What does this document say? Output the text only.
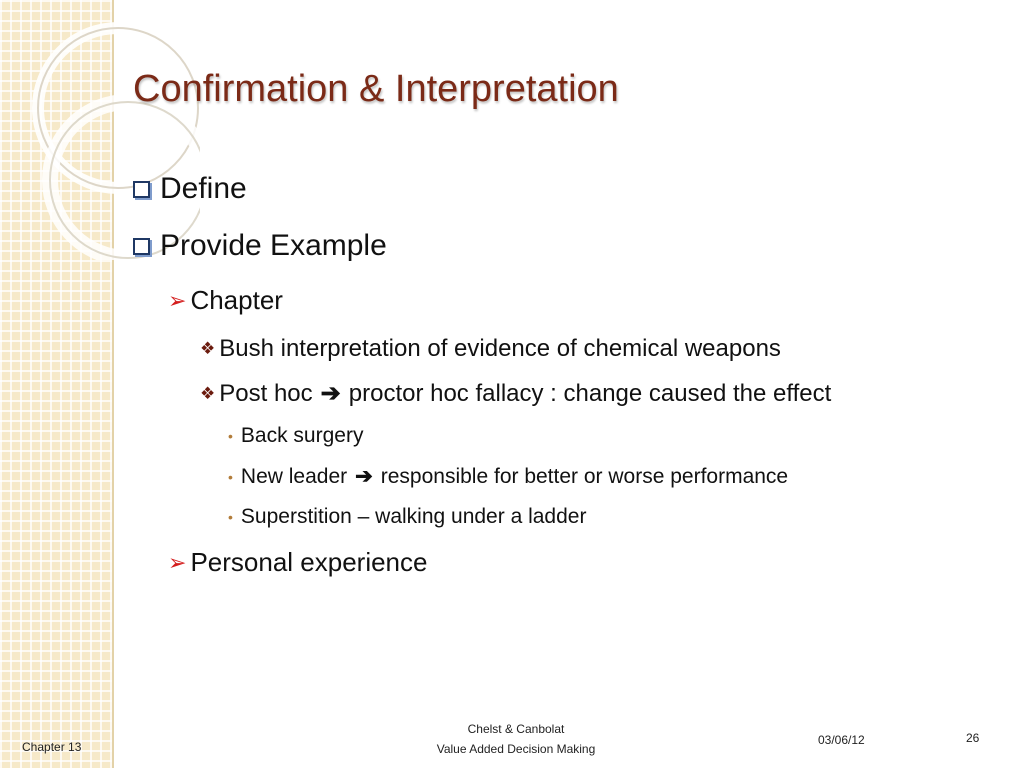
Confirmation & Interpretation
Define
Provide Example
➢ Chapter
❖ Bush interpretation of evidence of chemical weapons
❖ Post hoc ➔ proctor hoc fallacy : change caused the effect
• Back surgery
• New leader ➔ responsible for better or worse performance
• Superstition – walking under a ladder
➢ Personal experience
Chapter 13
Chelst & Canbolat
Value Added Decision Making
03/06/12	26
